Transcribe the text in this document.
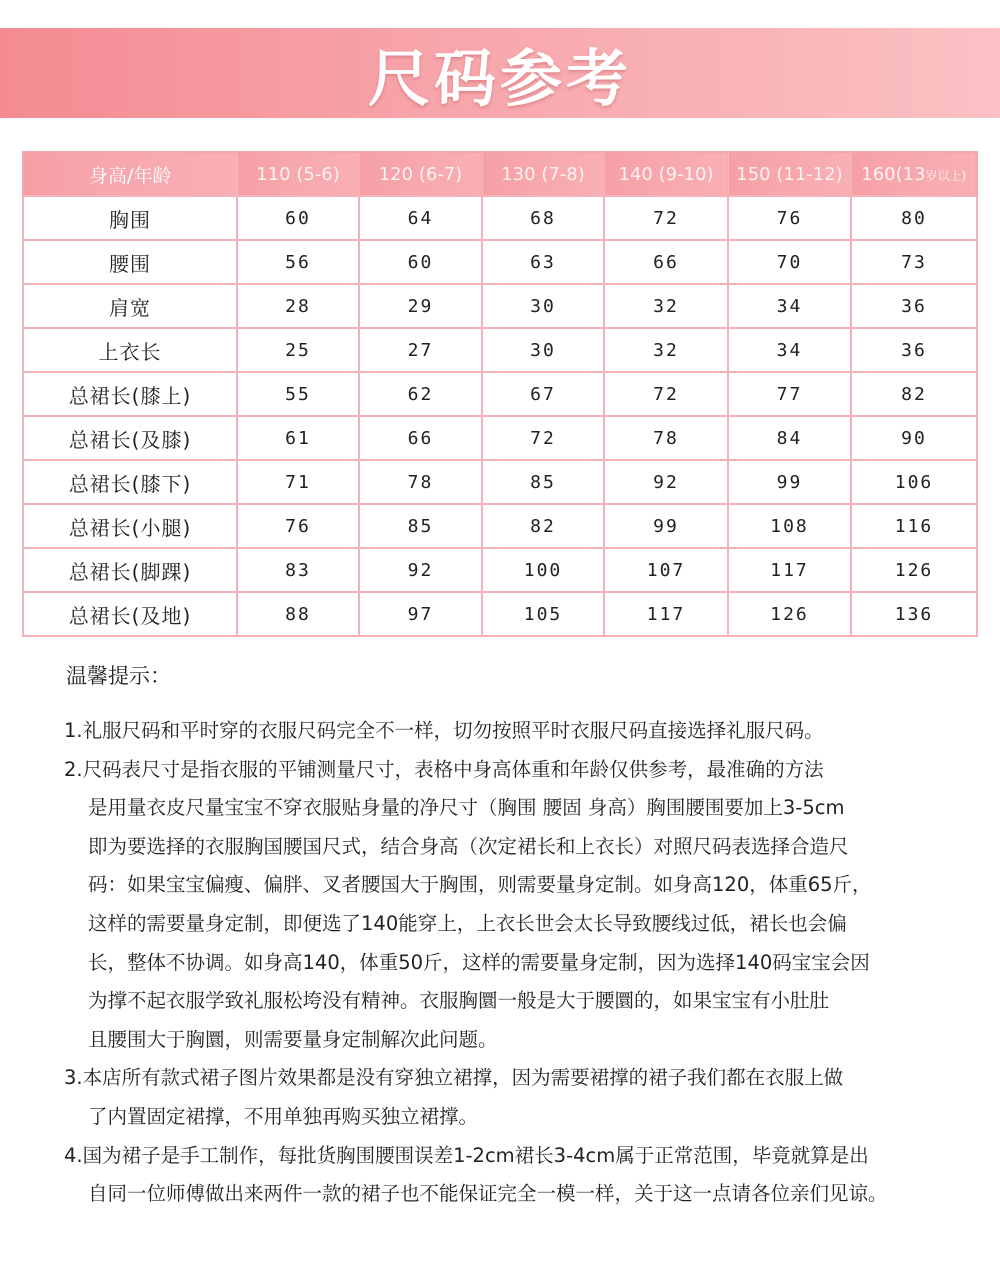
尺码参考
身高/年龄	110 (5-6)	120 (6-7)	130 (7-8)	140 (9-10)	150 (11-12)	160(13岁以上)
胸围	60	64	68	72	76	80
腰围	56	60	63	66	70	73
肩宽	28	29	30	32	34	36
上衣长	25	27	30	32	34	36
总裙长(膝上)	55	62	67	72	77	82
总裙长(及膝)	61	66	72	78	84	90
总裙长(膝下)	71	78	85	92	99	106
总裙长(小腿)	76	85	82	99	108	116
总裙长(脚踝)	83	92	100	107	117	126
总裙长(及地)	88	97	105	117	126	136
温馨提示：
1.礼服尺码和平时穿的衣服尺码完全不一样，切勿按照平时衣服尺码直接选择礼服尺码。
2.尺码表尺寸是指衣服的平铺测量尺寸，表格中身高体重和年龄仅供参考，最准确的方法
是用量衣皮尺量宝宝不穿衣服贴身量的净尺寸（胸围 腰固 身高）胸围腰围要加上3-5cm
即为要选择的衣服胸国腰国尺式，结合身高（次定裙长和上衣长）对照尺码表选择合造尺
码：如果宝宝偏瘦、偏胖、叉者腰国大于胸围，则需要量身定制。如身高120，体重65斤，
这样的需要量身定制，即便选了140能穿上，上衣长世会太长导致腰线过低，裙长也会偏
长，整体不协调。如身高140，体重50斤，这样的需要量身定制，因为选择140码宝宝会因
为撑不起衣服学致礼服松垮没有精神。衣服胸圜一般是大于腰圜的，如果宝宝有小肚肚
且腰围大于胸圜，则需要量身定制解次此问题。
3.本店所有款式裙子图片效果都是没有穿独立裙撑，因为需要裙撑的裙子我们都在衣服上做
了内置固定裙撑，不用单独再购买独立裙撑。
4.国为裙子是手工制作，每批货胸围腰围误差1-2cm裙长3-4cm属于正常范围，毕竟就算是出
自同一位师傅做出来两件一款的裙子也不能保证完全一模一样，关于这一点请各位亲们见谅。
